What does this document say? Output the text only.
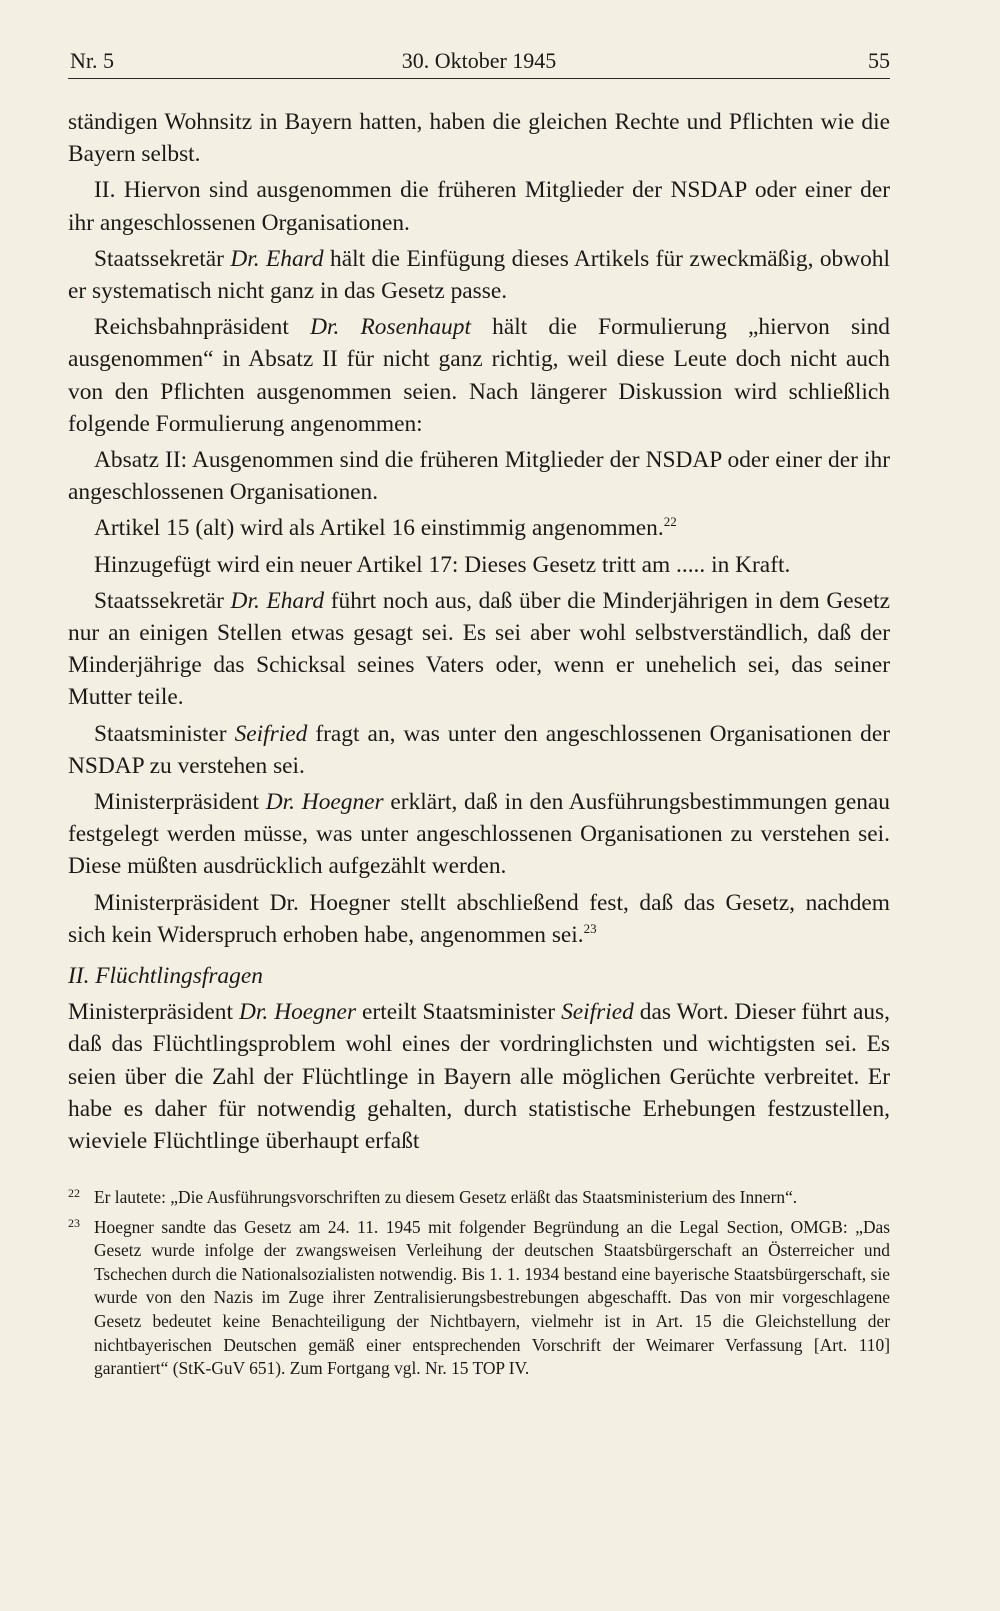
Nr. 5	30. Oktober 1945	55

ständigen Wohnsitz in Bayern hatten, haben die gleichen Rechte und Pflichten wie die Bayern selbst.

II. Hiervon sind ausgenommen die früheren Mitglieder der NSDAP oder einer der ihr angeschlossenen Organisationen.

Staatssekretär Dr. Ehard hält die Einfügung dieses Artikels für zweckmäßig, obwohl er systematisch nicht ganz in das Gesetz passe.

Reichsbahnpräsident Dr. Rosenhaupt hält die Formulierung „hiervon sind ausgenommen“ in Absatz II für nicht ganz richtig, weil diese Leute doch nicht auch von den Pflichten ausgenommen seien. Nach längerer Diskussion wird schließlich folgende Formulierung angenommen:

Absatz II: Ausgenommen sind die früheren Mitglieder der NSDAP oder einer der ihr angeschlossenen Organisationen.

Artikel 15 (alt) wird als Artikel 16 einstimmig angenommen.$^{22}$

Hinzugefügt wird ein neuer Artikel 17: Dieses Gesetz tritt am ..... in Kraft.

Staatssekretär Dr. Ehard führt noch aus, daß über die Minderjährigen in dem Gesetz nur an einigen Stellen etwas gesagt sei. Es sei aber wohl selbstverständlich, daß der Minderjährige das Schicksal seines Vaters oder, wenn er unehelich sei, das seiner Mutter teile.

Staatsminister Seifried fragt an, was unter den angeschlossenen Organisationen der NSDAP zu verstehen sei.

Ministerpräsident Dr. Hoegner erklärt, daß in den Ausführungsbestimmungen genau festgelegt werden müsse, was unter angeschlossenen Organisationen zu verstehen sei. Diese müßten ausdrücklich aufgezählt werden.

Ministerpräsident Dr. Hoegner stellt abschließend fest, daß das Gesetz, nachdem sich kein Widerspruch erhoben habe, angenommen sei.$^{23}$

II. Flüchtlingsfragen

Ministerpräsident Dr. Hoegner erteilt Staatsminister Seifried das Wort. Dieser führt aus, daß das Flüchtlingsproblem wohl eines der vordringlichsten und wichtigsten sei. Es seien über die Zahl der Flüchtlinge in Bayern alle möglichen Gerüchte verbreitet. Er habe es daher für notwendig gehalten, durch statistische Erhebungen festzustellen, wieviele Flüchtlinge überhaupt erfaßt

22 Er lautete: „Die Ausführungsvorschriften zu diesem Gesetz erläßt das Staatsministerium des Innern“.
23 Hoegner sandte das Gesetz am 24. 11. 1945 mit folgender Begründung an die Legal Section, OMGB: „Das Gesetz wurde infolge der zwangsweisen Verleihung der deutschen Staatsbürgerschaft an Österreicher und Tschechen durch die Nationalsozialisten notwendig. Bis 1. 1. 1934 bestand eine bayerische Staatsbürgerschaft, sie wurde von den Nazis im Zuge ihrer Zentralisierungsbestrebungen abgeschafft. Das von mir vorgeschlagene Gesetz bedeutet keine Benachteiligung der Nichtbayern, vielmehr ist in Art. 15 die Gleichstellung der nichtbayerischen Deutschen gemäß einer entsprechenden Vorschrift der Weimarer Verfassung [Art. 110] garantiert“ (StK-GuV 651). Zum Fortgang vgl. Nr. 15 TOP IV.
